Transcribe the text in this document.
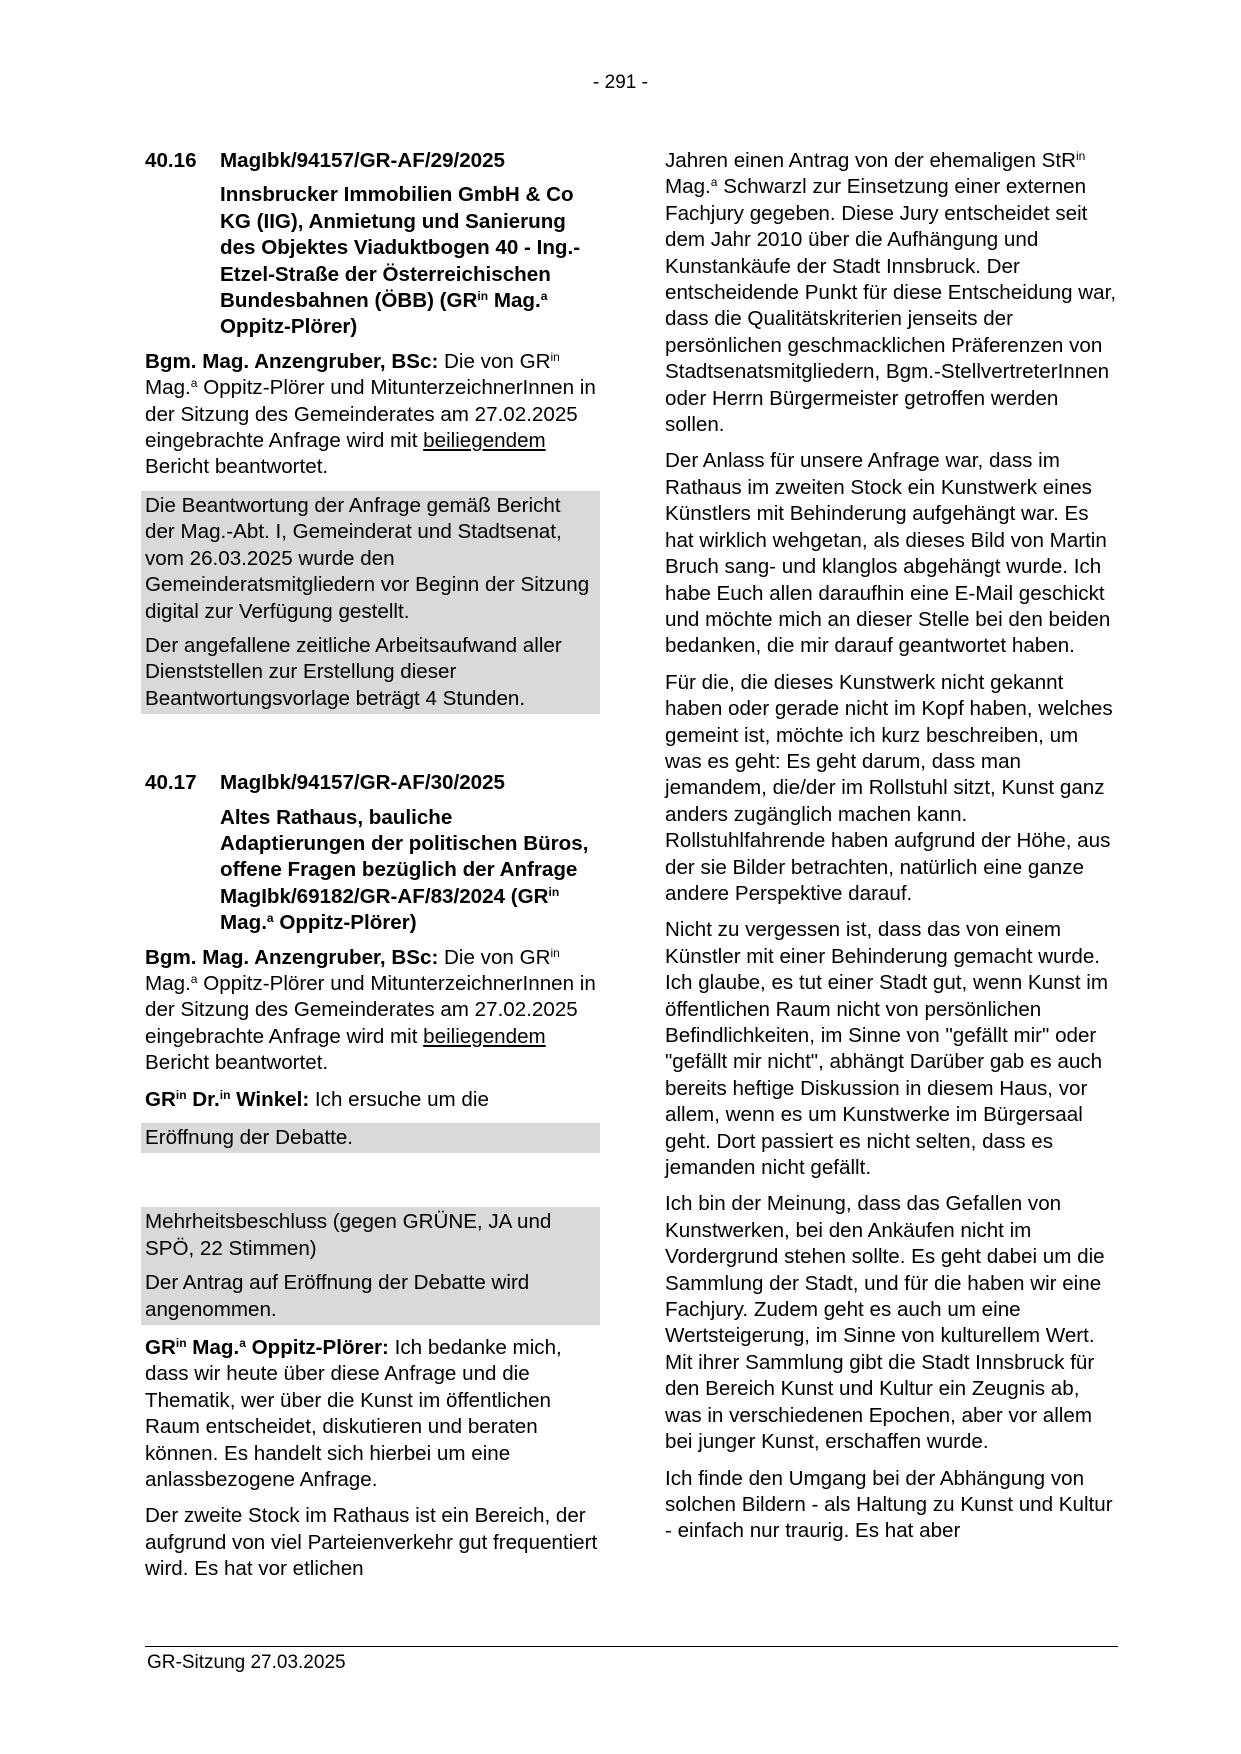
- 291 -
40.16	MagIbk/94157/GR-AF/29/2025
Innsbrucker Immobilien GmbH & Co KG (IIG), Anmietung und Sanierung des Objektes Viaduktbogen 40 - Ing.-Etzel-Straße der Österreichischen Bundesbahnen (ÖBB) ($GR^{in}$ Mag.$^a$ Oppitz-Plörer)

Bgm. Mag. Anzengruber, BSc: Die von $GR^{in}$ Mag.$^a$ Oppitz-Plörer und MitunterzeichnerInnen in der Sitzung des Gemeinderates am 27.02.2025 eingebrachte Anfrage wird mit beiliegendem Bericht beantwortet.

Die Beantwortung der Anfrage gemäß Bericht der Mag.-Abt. I, Gemeinderat und Stadtsenat, vom 26.03.2025 wurde den Gemeinderatsmitgliedern vor Beginn der Sitzung digital zur Verfügung gestellt.

Der angefallene zeitliche Arbeitsaufwand aller Dienststellen zur Erstellung dieser Beantwortungsvorlage beträgt 4 Stunden.

40.17	MagIbk/94157/GR-AF/30/2025
Altes Rathaus, bauliche Adaptierungen der politischen Büros, offene Fragen bezüglich der Anfrage MagIbk/69182/GR-AF/83/2024 ($GR^{in}$ Mag.$^a$ Oppitz-Plörer)

Bgm. Mag. Anzengruber, BSc: Die von $GR^{in}$ Mag.$^a$ Oppitz-Plörer und MitunterzeichnerInnen in der Sitzung des Gemeinderates am 27.02.2025 eingebrachte Anfrage wird mit beiliegendem Bericht beantwortet.

$GR^{in}$ Dr.$^{in}$ Winkel: Ich ersuche um die

Eröffnung der Debatte.

Mehrheitsbeschluss (gegen GRÜNE, JA und SPÖ, 22 Stimmen)

Der Antrag auf Eröffnung der Debatte wird angenommen.

$GR^{in}$ Mag.$^a$ Oppitz-Plörer: Ich bedanke mich, dass wir heute über diese Anfrage und die Thematik, wer über die Kunst im öffentlichen Raum entscheidet, diskutieren und beraten können. Es handelt sich hierbei um eine anlassbezogene Anfrage.

Der zweite Stock im Rathaus ist ein Bereich, der aufgrund von viel Parteienverkehr gut frequentiert wird. Es hat vor etlichen

Jahren einen Antrag von der ehemaligen StR$^{in}$ Mag.$^a$ Schwarzl zur Einsetzung einer externen Fachjury gegeben. Diese Jury entscheidet seit dem Jahr 2010 über die Aufhängung und Kunstankäufe der Stadt Innsbruck. Der entscheidende Punkt für diese Entscheidung war, dass die Qualitätskriterien jenseits der persönlichen geschmacklichen Präferenzen von Stadtsenatsmitgliedern, Bgm.-StellvertreterInnen oder Herrn Bürgermeister getroffen werden sollen.

Der Anlass für unsere Anfrage war, dass im Rathaus im zweiten Stock ein Kunstwerk eines Künstlers mit Behinderung aufgehängt war. Es hat wirklich wehgetan, als dieses Bild von Martin Bruch sang- und klanglos abgehängt wurde. Ich habe Euch allen daraufhin eine E-Mail geschickt und möchte mich an dieser Stelle bei den beiden bedanken, die mir darauf geantwortet haben.

Für die, die dieses Kunstwerk nicht gekannt haben oder gerade nicht im Kopf haben, welches gemeint ist, möchte ich kurz beschreiben, um was es geht: Es geht darum, dass man jemandem, die/der im Rollstuhl sitzt, Kunst ganz anders zugänglich machen kann. Rollstuhlfahrende haben aufgrund der Höhe, aus der sie Bilder betrachten, natürlich eine ganze andere Perspektive darauf.

Nicht zu vergessen ist, dass das von einem Künstler mit einer Behinderung gemacht wurde. Ich glaube, es tut einer Stadt gut, wenn Kunst im öffentlichen Raum nicht von persönlichen Befindlichkeiten, im Sinne von "gefällt mir" oder "gefällt mir nicht", abhängt Darüber gab es auch bereits heftige Diskussion in diesem Haus, vor allem, wenn es um Kunstwerke im Bürgersaal geht. Dort passiert es nicht selten, dass es jemanden nicht gefällt.

Ich bin der Meinung, dass das Gefallen von Kunstwerken, bei den Ankäufen nicht im Vordergrund stehen sollte. Es geht dabei um die Sammlung der Stadt, und für die haben wir eine Fachjury. Zudem geht es auch um eine Wertsteigerung, im Sinne von kulturellem Wert. Mit ihrer Sammlung gibt die Stadt Innsbruck für den Bereich Kunst und Kultur ein Zeugnis ab, was in verschiedenen Epochen, aber vor allem bei junger Kunst, erschaffen wurde.

Ich finde den Umgang bei der Abhängung von solchen Bildern - als Haltung zu Kunst und Kultur - einfach nur traurig. Es hat aber

GR-Sitzung 27.03.2025
